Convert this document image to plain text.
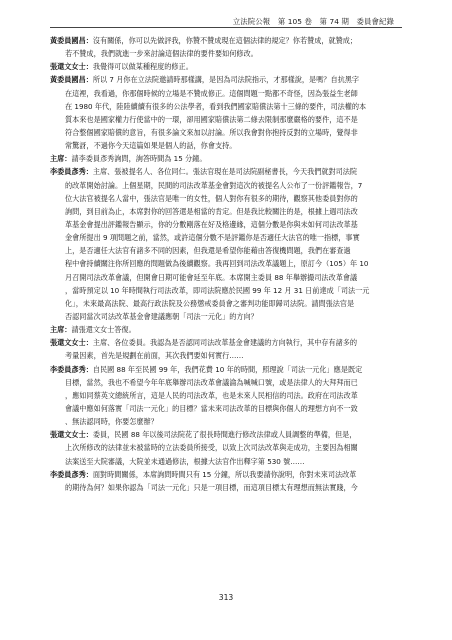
立法院公報　 第 105 卷　 第 74 期　 委員會紀錄
黃委員國昌：沒有關係，你可以先做評我，你贊不贊成現在這個法律的規定？你若贊成，就贊成；
若不贊成，我們就進一步來討論這個法律的要件要如何修改。
張還文女士：我覺得可以做某種程度的修正。
黃委員國昌：所以 7 月你在立法院邀請時那樣講，是因為司法院指示，才那樣說，是嗎？自抗黑字
在這裡，我看過，你那個時候的立場是不贊成修正。這個問題一點都不奇怪，因為張益生老師
在 1980 年代，陸陸續續有很多的公法學者，看到我們國家賠償法第十三條的要件，司法權的本
質本來也是國家權力行使當中的一環，卻用國家賠償法第二條去限制那麼嚴格的要件，這不是
符合整個國家賠償的意旨，有很多論文來加以討論。所以我會對你抱持反對的立場時，覺得非
常驚訝，不過你今天這篇如果是個人的話，你會支持。
主席：請李委員彥秀詢問，詢答時間為 15 分鐘。
李委員彥秀：主席、張被提名人、各位同仁。張法官現在是司法院副秘書長，今天我們就對司法院
的改革開始討論。上個星期，民間的司法改革基金會對這次的被提名人公布了一份評鑑報告，7
位大法官被提名人當中，張法官是唯一的女性，個人對你有很多的期待，觀察其他委員對你的
詢問，到目前為止，本席對你的回答還是相當的肯定。但是我比較關注的是，根據上週司法改
革基金會提出評鑑報告顯示，你的分數剛落在好及格邊緣，這個分數是你與未如何司法改革基
金會所提出 9 項問題之前，當然，或許這個分數不是評鑑你是否適任大法官的唯一指標，事實
上，是否適任大法官有諸多不同的因素，但我還是希望你能藉由答復機問題，我們在審查過
程中會持續關注你所回應的問題做為後續觀察。我再回到司法改革議題上，原訂今（105）年 10
月召開司法改革會議，但開會日期可能會延至年底。本席開主委員 88 年舉辦撮司法改革會議
，當時預定以 10 年時間執行司法改革，即司法院應於民國 99 年 12 月 31 日前達成「司法一元
化」，未來最高法院、最高行政法院及公務懲戒委員會之審判功能即歸司法院。請問張法官是
否認同當次司法改革基金會建議應朝「司法一元化」的方向？
主席：請張還文女士答復。
張還文女士：主席、各位委員。我認為是否認同司法改革基金會建議的方向執行，其中存有諸多的
考量因素，首先是規劃在前面，其次我們要如何實行……
李委員彥秀：自民國 88 年至民國 99 年，我們花費 10 年的時間，照理說「司法一元化」應是既定
目標，當然，我也不希望今年年底舉辦司法改革會議淪為喊喊口號，或是法律人的大拜拜而已
，應如同蔡英文總統所言，這是人民的司法改革，也是未來人民相信的司法。政府在司法改革
會議中應如何落實「司法一元化」的目標？當未來司法改革的目標與你個人的理想方向不一致
、無法認同時，你要怎麼辦？
張還文女士：委員，民國 88 年以後司法院花了很長時間進行修改法律或人員調整的準備，但是，
上次所修改的法律並未被當時的立法委員所接受，以致上次司法改革與走成功，主要因為相關
法案送至大院審議，大院並未通過修法，根據大法官作出釋字第 530 號……
李委員彥秀：面對時間關係，本席詢問時間只有 15 分鐘，所以我要請你說明，你對未來司法改革
的期待為何？如果你認為「司法一元化」只是一項目標，而這項目標太有理想而無法實踐，今
313
